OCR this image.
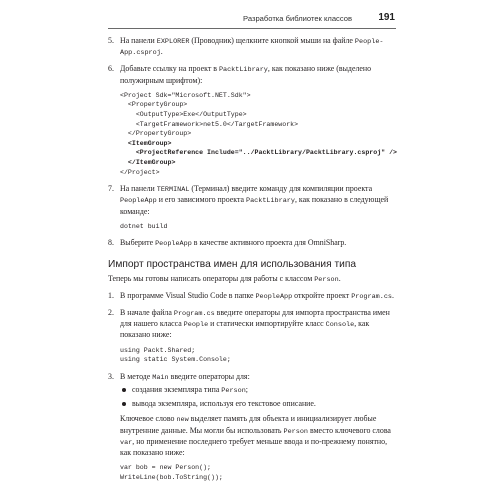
Разработка библиотек классов	191
5. На панели EXPLORER (Проводник) щелкните кнопкой мыши на файле People-App.csproj.

6. Добавьте ссылку на проект в PacktLibrary, как показано ниже (выделено полужирным шрифтом):

<Project Sdk="Microsoft.NET.Sdk">
<PropertyGroup>
<OutputType>Exe</OutputType>
<TargetFramework>net5.0</TargetFramework>
</PropertyGroup>
<ItemGroup>
<ProjectReference Include="../PacktLibrary/PacktLibrary.csproj" />
</ItemGroup>
</Project>
7. На панели TERMINAL (Терминал) введите команду для компиляции проекта PeopleApp и его зависимого проекта PacktLibrary, как показано в следующей команде:

dotnet build
8. Выберите PeopleApp в качестве активного проекта для OmniSharp.

Импорт пространства имен для использования типа

Теперь мы готовы написать операторы для работы с классом Person.

1. В программе Visual Studio Code в папке PeopleApp откройте проект Program.cs.

2. В начале файла Program.cs введите операторы для импорта пространства имен для нашего класса People и статически импортируйте класс Console, как показано ниже:

using Packt.Shared;
using static System.Console;
3. В методе Main введите операторы для:

создания экземпляра типа Person;
вывода экземпляра, используя его текстовое описание.

Ключевое слово new выделяет память для объекта и инициализирует любые внутренние данные. Мы могли бы использовать Person вместо ключевого слова var, но применение последнего требует меньше ввода и по-прежнему понятно, как показано ниже:

var bob = new Person();
WriteLine(bob.ToString());
